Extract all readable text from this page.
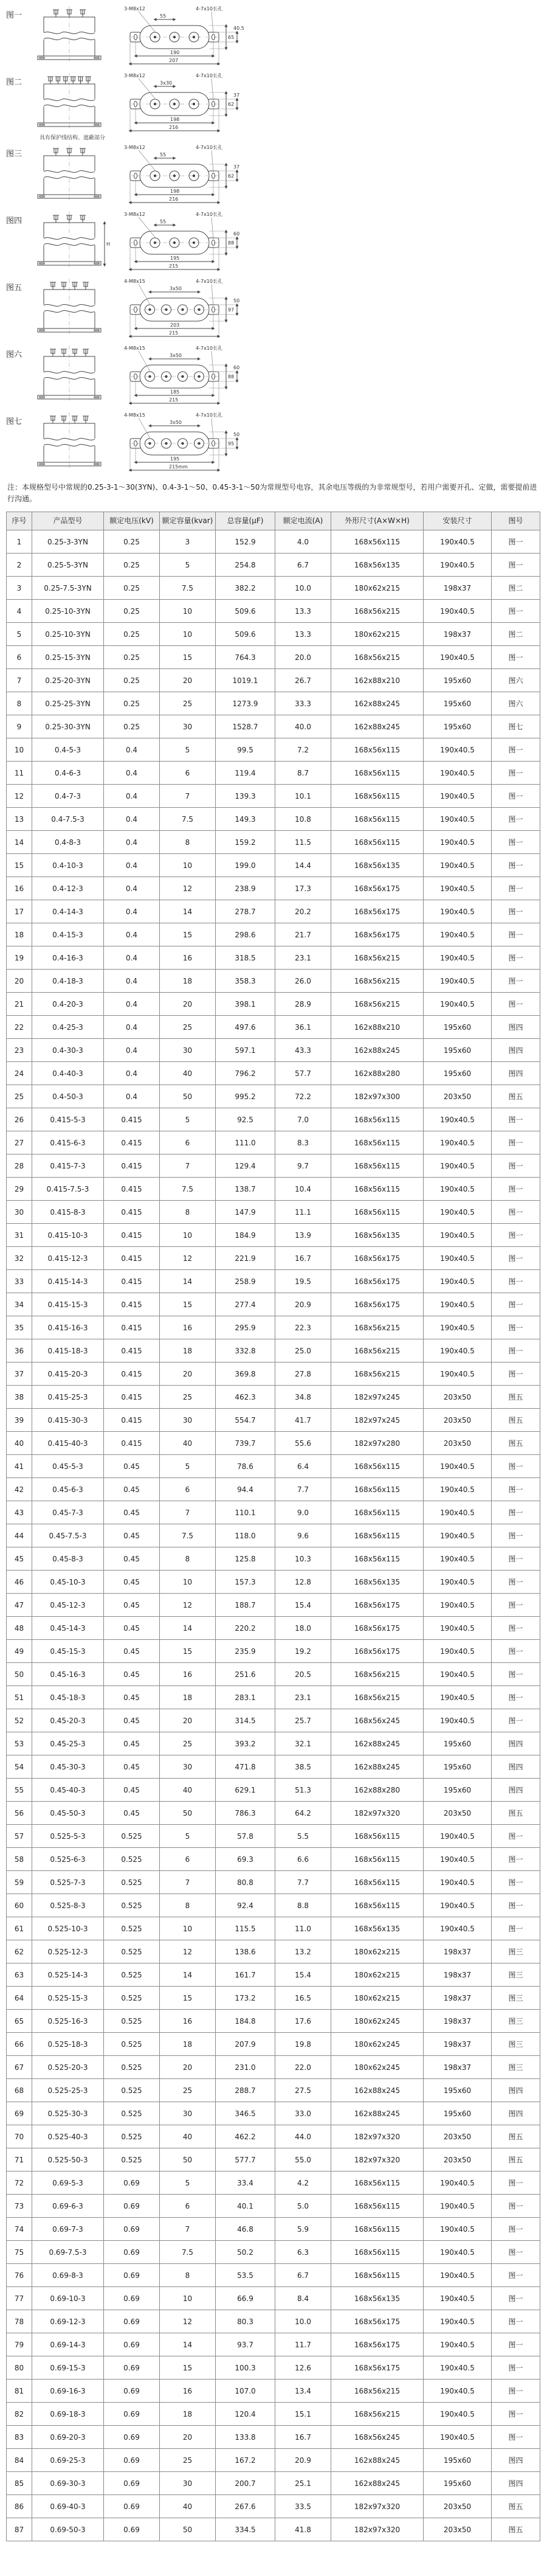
图一
3-M8x12	4-7x10长孔
55
190
207
65
40.5
图二
具有保护线结构、遮蔽部分
3-M8x12	4-7x10长孔
3x30
198
216
62
37
图三
3-M8x12	4-7x10长孔
55
198
216
62
37
图四
H
3-M8x12	4-7x10长孔
55
195
215
88
60
图五
4-M8x15	4-7x10长孔
3x50
203
215
97
50
图六
4-M8x15	4-7x10长孔
3x50
185
215
88
60
图七
4-M8x15	4-7x10长孔
3x50
195
215mm
95
50

注：本规格型号中常规的0.25-3-1～30(3YN)、0.4-3-1～50、0.45-3-1～50为常规型号电容，其余电压等级的为非常规型号，若用户需要开孔、定做，需要提前进行沟通。

序号	产品型号	额定电压(kV)	额定容量(kvar)	总容量(μF)	额定电流(A)	外形尺寸(A×W×H)	安装尺寸	图号
1	0.25-3-3YN	0.25	3	152.9	4.0	168x56x115	190x40.5	图一
2	0.25-5-3YN	0.25	5	254.8	6.7	168x56x135	190x40.5	图一
3	0.25-7.5-3YN	0.25	7.5	382.2	10.0	180x62x215	198x37	图二
4	0.25-10-3YN	0.25	10	509.6	13.3	168x56x215	190x40.5	图一
5	0.25-10-3YN	0.25	10	509.6	13.3	180x62x215	198x37	图二
6	0.25-15-3YN	0.25	15	764.3	20.0	168x56x215	190x40.5	图一
7	0.25-20-3YN	0.25	20	1019.1	26.7	162x88x210	195x60	图六
8	0.25-25-3YN	0.25	25	1273.9	33.3	162x88x245	195x60	图六
9	0.25-30-3YN	0.25	30	1528.7	40.0	162x88x245	195x60	图七
10	0.4-5-3	0.4	5	99.5	7.2	168x56x115	190x40.5	图一
11	0.4-6-3	0.4	6	119.4	8.7	168x56x115	190x40.5	图一
12	0.4-7-3	0.4	7	139.3	10.1	168x56x115	190x40.5	图一
13	0.4-7.5-3	0.4	7.5	149.3	10.8	168x56x115	190x40.5	图一
14	0.4-8-3	0.4	8	159.2	11.5	168x56x115	190x40.5	图一
15	0.4-10-3	0.4	10	199.0	14.4	168x56x135	190x40.5	图一
16	0.4-12-3	0.4	12	238.9	17.3	168x56x175	190x40.5	图一
17	0.4-14-3	0.4	14	278.7	20.2	168x56x175	190x40.5	图一
18	0.4-15-3	0.4	15	298.6	21.7	168x56x175	190x40.5	图一
19	0.4-16-3	0.4	16	318.5	23.1	168x56x215	190x40.5	图一
20	0.4-18-3	0.4	18	358.3	26.0	168x56x215	190x40.5	图一
21	0.4-20-3	0.4	20	398.1	28.9	168x56x215	190x40.5	图一
22	0.4-25-3	0.4	25	497.6	36.1	162x88x210	195x60	图四
23	0.4-30-3	0.4	30	597.1	43.3	162x88x245	195x60	图四
24	0.4-40-3	0.4	40	796.2	57.7	162x88x280	195x60	图四
25	0.4-50-3	0.4	50	995.2	72.2	182x97x300	203x50	图五
26	0.415-5-3	0.415	5	92.5	7.0	168x56x115	190x40.5	图一
27	0.415-6-3	0.415	6	111.0	8.3	168x56x115	190x40.5	图一
28	0.415-7-3	0.415	7	129.4	9.7	168x56x115	190x40.5	图一
29	0.415-7.5-3	0.415	7.5	138.7	10.4	168x56x115	190x40.5	图一
30	0.415-8-3	0.415	8	147.9	11.1	168x56x115	190x40.5	图一
31	0.415-10-3	0.415	10	184.9	13.9	168x56x135	190x40.5	图一
32	0.415-12-3	0.415	12	221.9	16.7	168x56x175	190x40.5	图一
33	0.415-14-3	0.415	14	258.9	19.5	168x56x175	190x40.5	图一
34	0.415-15-3	0.415	15	277.4	20.9	168x56x175	190x40.5	图一
35	0.415-16-3	0.415	16	295.9	22.3	168x56x215	190x40.5	图一
36	0.415-18-3	0.415	18	332.8	25.0	168x56x215	190x40.5	图一
37	0.415-20-3	0.415	20	369.8	27.8	168x56x215	190x40.5	图一
38	0.415-25-3	0.415	25	462.3	34.8	182x97x245	203x50	图五
39	0.415-30-3	0.415	30	554.7	41.7	182x97x245	203x50	图五
40	0.415-40-3	0.415	40	739.7	55.6	182x97x280	203x50	图五
41	0.45-5-3	0.45	5	78.6	6.4	168x56x115	190x40.5	图一
42	0.45-6-3	0.45	6	94.4	7.7	168x56x115	190x40.5	图一
43	0.45-7-3	0.45	7	110.1	9.0	168x56x115	190x40.5	图一
44	0.45-7.5-3	0.45	7.5	118.0	9.6	168x56x115	190x40.5	图一
45	0.45-8-3	0.45	8	125.8	10.3	168x56x115	190x40.5	图一
46	0.45-10-3	0.45	10	157.3	12.8	168x56x135	190x40.5	图一
47	0.45-12-3	0.45	12	188.7	15.4	168x56x175	190x40.5	图一
48	0.45-14-3	0.45	14	220.2	18.0	168x56x175	190x40.5	图一
49	0.45-15-3	0.45	15	235.9	19.2	168x56x175	190x40.5	图一
50	0.45-16-3	0.45	16	251.6	20.5	168x56x215	190x40.5	图一
51	0.45-18-3	0.45	18	283.1	23.1	168x56x215	190x40.5	图一
52	0.45-20-3	0.45	20	314.5	25.7	168x56x245	190x40.5	图一
53	0.45-25-3	0.45	25	393.2	32.1	162x88x245	195x60	图四
54	0.45-30-3	0.45	30	471.8	38.5	162x88x245	195x60	图四
55	0.45-40-3	0.45	40	629.1	51.3	162x88x280	195x60	图四
56	0.45-50-3	0.45	50	786.3	64.2	182x97x320	203x50	图五
57	0.525-5-3	0.525	5	57.8	5.5	168x56x115	190x40.5	图一
58	0.525-6-3	0.525	6	69.3	6.6	168x56x115	190x40.5	图一
59	0.525-7-3	0.525	7	80.8	7.7	168x56x115	190x40.5	图一
60	0.525-8-3	0.525	8	92.4	8.8	168x56x115	190x40.5	图一
61	0.525-10-3	0.525	10	115.5	11.0	168x56x135	190x40.5	图一
62	0.525-12-3	0.525	12	138.6	13.2	180x62x215	198x37	图三
63	0.525-14-3	0.525	14	161.7	15.4	180x62x215	198x37	图三
64	0.525-15-3	0.525	15	173.2	16.5	180x62x215	198x37	图三
65	0.525-16-3	0.525	16	184.8	17.6	180x62x245	198x37	图三
66	0.525-18-3	0.525	18	207.9	19.8	180x62x245	198x37	图三
67	0.525-20-3	0.525	20	231.0	22.0	180x62x245	198x37	图三
68	0.525-25-3	0.525	25	288.7	27.5	162x88x245	195x60	图四
69	0.525-30-3	0.525	30	346.5	33.0	162x88x245	195x60	图四
70	0.525-40-3	0.525	40	462.2	44.0	182x97x320	203x50	图五
71	0.525-50-3	0.525	50	577.7	55.0	182x97x320	203x50	图五
72	0.69-5-3	0.69	5	33.4	4.2	168x56x115	190x40.5	图一
73	0.69-6-3	0.69	6	40.1	5.0	168x56x115	190x40.5	图一
74	0.69-7-3	0.69	7	46.8	5.9	168x56x115	190x40.5	图一
75	0.69-7.5-3	0.69	7.5	50.2	6.3	168x56x115	190x40.5	图一
76	0.69-8-3	0.69	8	53.5	6.7	168x56x115	190x40.5	图一
77	0.69-10-3	0.69	10	66.9	8.4	168x56x135	190x40.5	图一
78	0.69-12-3	0.69	12	80.3	10.0	168x56x175	190x40.5	图一
79	0.69-14-3	0.69	14	93.7	11.7	168x56x175	190x40.5	图一
80	0.69-15-3	0.69	15	100.3	12.6	168x56x175	190x40.5	图一
81	0.69-16-3	0.69	16	107.0	13.4	168x56x215	190x40.5	图一
82	0.69-18-3	0.69	18	120.4	15.1	168x56x215	190x40.5	图一
83	0.69-20-3	0.69	20	133.8	16.7	168x56x245	190x40.5	图一
84	0.69-25-3	0.69	25	167.2	20.9	162x88x245	195x60	图四
85	0.69-30-3	0.69	30	200.7	25.1	162x88x245	195x60	图四
86	0.69-40-3	0.69	40	267.6	33.5	182x97x320	203x50	图五
87	0.69-50-3	0.69	50	334.5	41.8	182x97x320	203x50	图五
